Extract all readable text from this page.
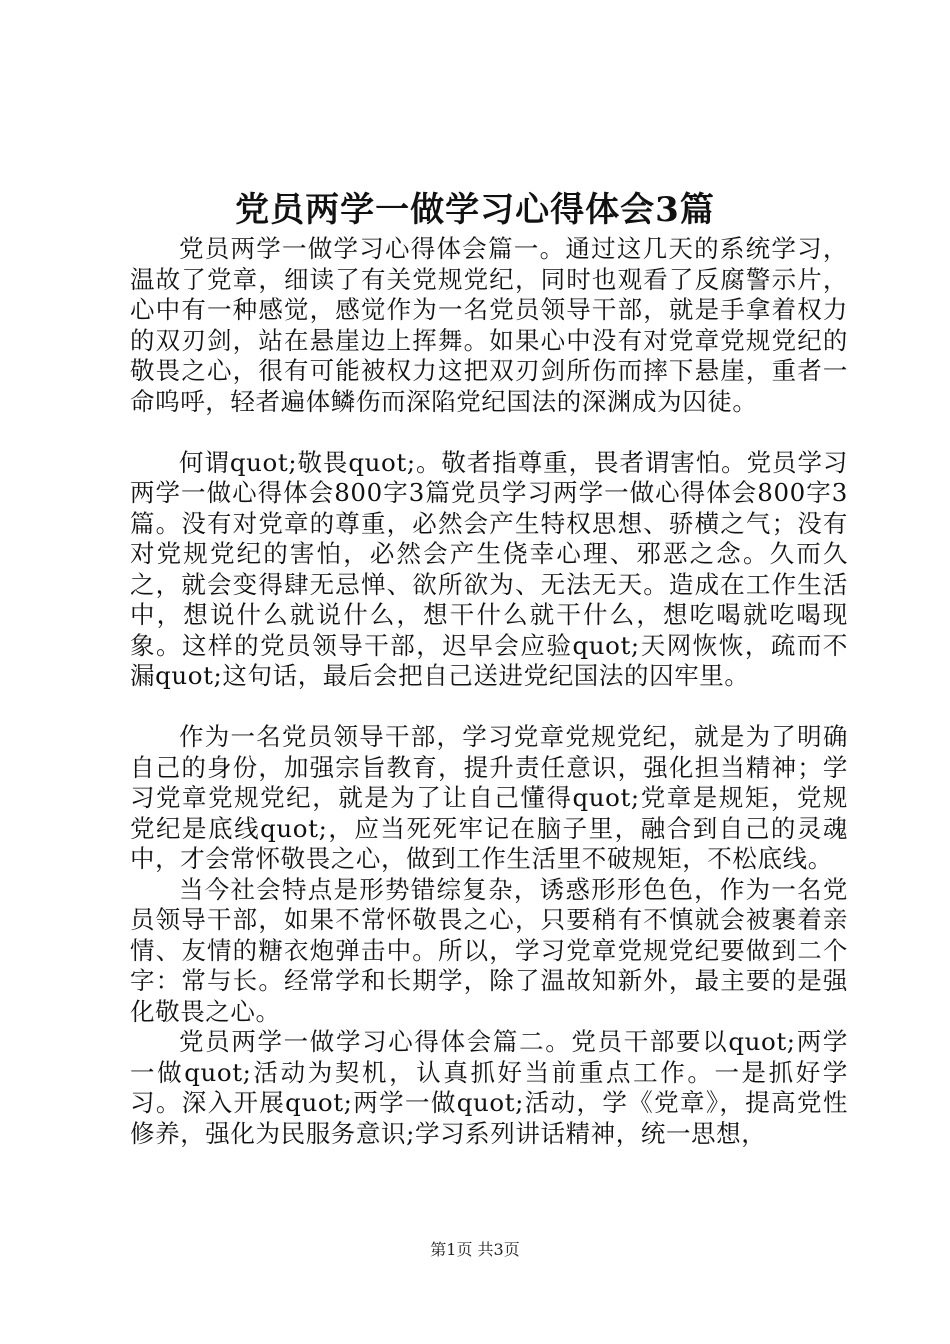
党员两学一做学习心得体会3篇

党员两学一做学习心得体会篇一。通过这几天的系统学习，温故了党章，细读了有关党规党纪，同时也观看了反腐警示片，心中有一种感觉，感觉作为一名党员领导干部，就是手拿着权力的双刃剑，站在悬崖边上挥舞。如果心中没有对党章党规党纪的敬畏之心，很有可能被权力这把双刃剑所伤而摔下悬崖，重者一命呜呼，轻者遍体鳞伤而深陷党纪国法的深渊成为囚徒。

何谓quot;敬畏quot;。敬者指尊重，畏者谓害怕。党员学习两学一做心得体会800字3篇党员学习两学一做心得体会800字3篇。没有对党章的尊重，必然会产生特权思想、骄横之气；没有对党规党纪的害怕，必然会产生侥幸心理、邪恶之念。久而久之，就会变得肆无忌惮、欲所欲为、无法无天。造成在工作生活中，想说什么就说什么，想干什么就干什么，想吃喝就吃喝现象。这样的党员领导干部，迟早会应验quot;天网恢恢，疏而不漏quot;这句话，最后会把自己送进党纪国法的囚牢里。

作为一名党员领导干部，学习党章党规党纪，就是为了明确自己的身份，加强宗旨教育，提升责任意识，强化担当精神；学习党章党规党纪，就是为了让自己懂得quot;党章是规矩，党规党纪是底线quot;，应当死死牢记在脑子里，融合到自己的灵魂中，才会常怀敬畏之心，做到工作生活里不破规矩，不松底线。

当今社会特点是形势错综复杂，诱惑形形色色，作为一名党员领导干部，如果不常怀敬畏之心，只要稍有不慎就会被裹着亲情、友情的糖衣炮弹击中。所以，学习党章党规党纪要做到二个字：常与长。经常学和长期学，除了温故知新外，最主要的是强化敬畏之心。

党员两学一做学习心得体会篇二。党员干部要以quot;两学一做quot;活动为契机，认真抓好当前重点工作。一是抓好学习。深入开展quot;两学一做quot;活动，学《党章》，提高党性修养，强化为民服务意识;学习系列讲话精神，统一思想，

第1页 共3页
